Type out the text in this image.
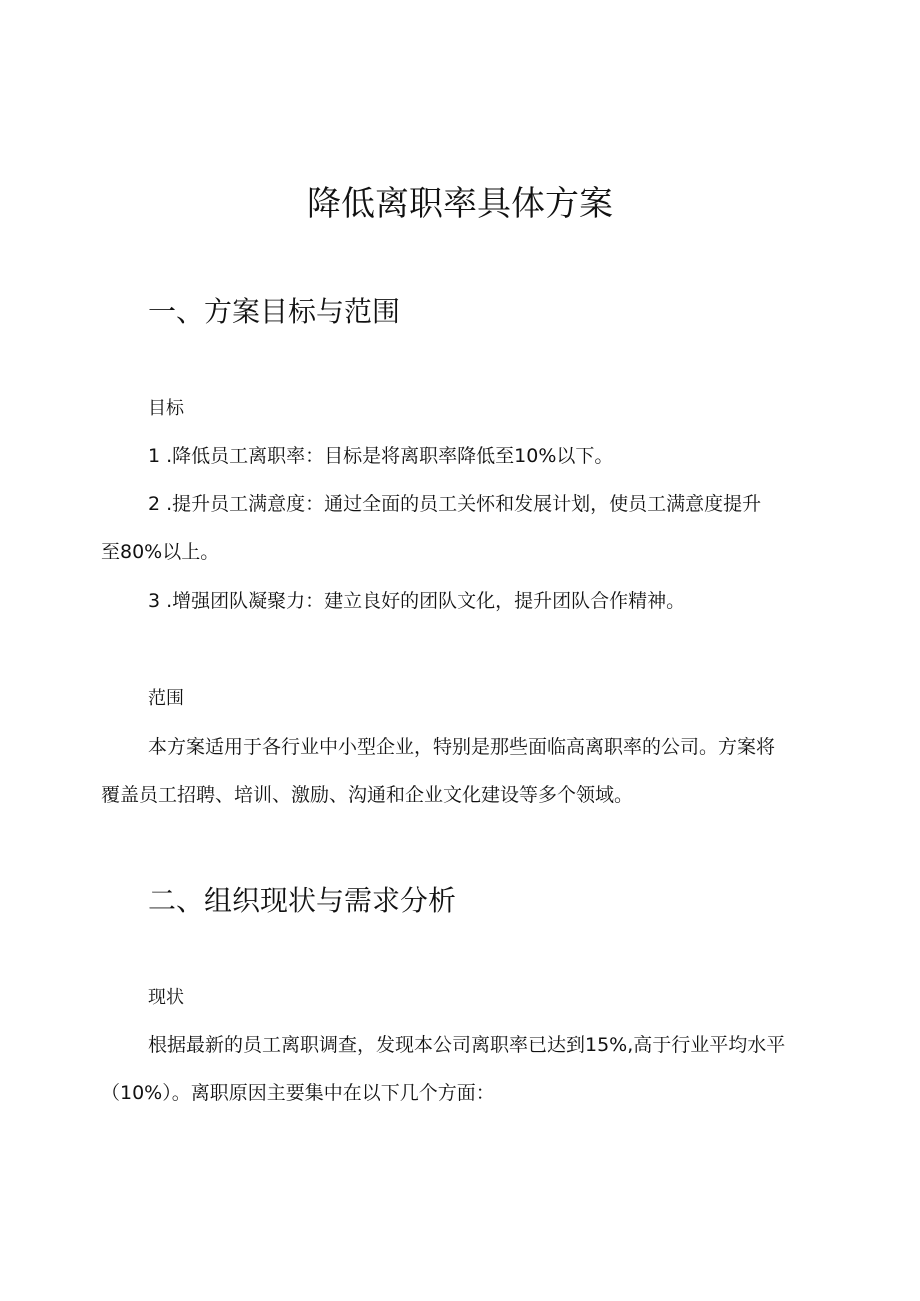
降低离职率具体方案
一、方案目标与范围
目标
1 .降低员工离职率：目标是将离职率降低至10%以下。
2 .提升员工满意度：通过全面的员工关怀和发展计划，使员工满意度提升
至80%以上。
3 .增强团队凝聚力：建立良好的团队文化，提升团队合作精神。
范围
本方案适用于各行业中小型企业，特别是那些面临高离职率的公司。方案将
覆盖员工招聘、培训、激励、沟通和企业文化建设等多个领域。
二、组织现状与需求分析
现状
根据最新的员工离职调查，发现本公司离职率已达到15%,高于行业平均水平
（10%）。离职原因主要集中在以下几个方面：
